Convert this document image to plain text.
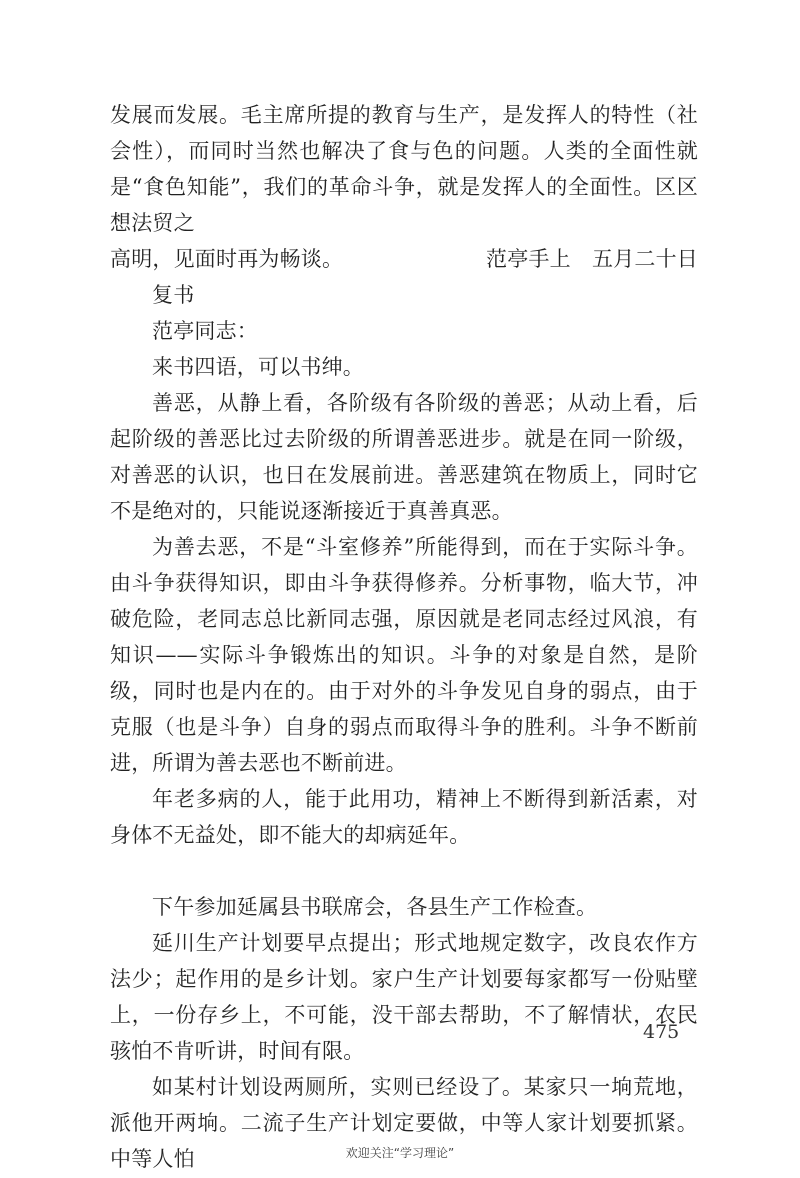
发展而发展。毛主席所提的教育与生产，是发挥人的特性（社会性），而同时当然也解决了食与色的问题。人类的全面性就是“食色知能”，我们的革命斗争，就是发挥人的全面性。区区想法贸之

高明，见面时再为畅谈。	范亭手上　五月二十日

复书

范亭同志：

来书四语，可以书绅。

善恶，从静上看，各阶级有各阶级的善恶；从动上看，后起阶级的善恶比过去阶级的所谓善恶进步。就是在同一阶级，对善恶的认识，也日在发展前进。善恶建筑在物质上，同时它不是绝对的，只能说逐渐接近于真善真恶。

为善去恶，不是“斗室修养”所能得到，而在于实际斗争。由斗争获得知识，即由斗争获得修养。分析事物，临大节，冲破危险，老同志总比新同志强，原因就是老同志经过风浪，有知识——实际斗争锻炼出的知识。斗争的对象是自然，是阶级，同时也是内在的。由于对外的斗争发见自身的弱点，由于克服（也是斗争）自身的弱点而取得斗争的胜利。斗争不断前进，所谓为善去恶也不断前进。

年老多病的人，能于此用功，精神上不断得到新活素，对身体不无益处，即不能大的却病延年。

下午参加延属县书联席会，各县生产工作检查。

延川生产计划要早点提出；形式地规定数字，改良农作方法少；起作用的是乡计划。家户生产计划要每家都写一份贴壁上，一份存乡上，不可能，没干部去帮助，不了解情状，农民骇怕不肯听讲，时间有限。

如某村计划设两厕所，实则已经设了。某家只一垧荒地，派他开两垧。二流子生产计划定要做，中等人家计划要抓紧。中等人怕

475
欢迎关注“学习理论”
